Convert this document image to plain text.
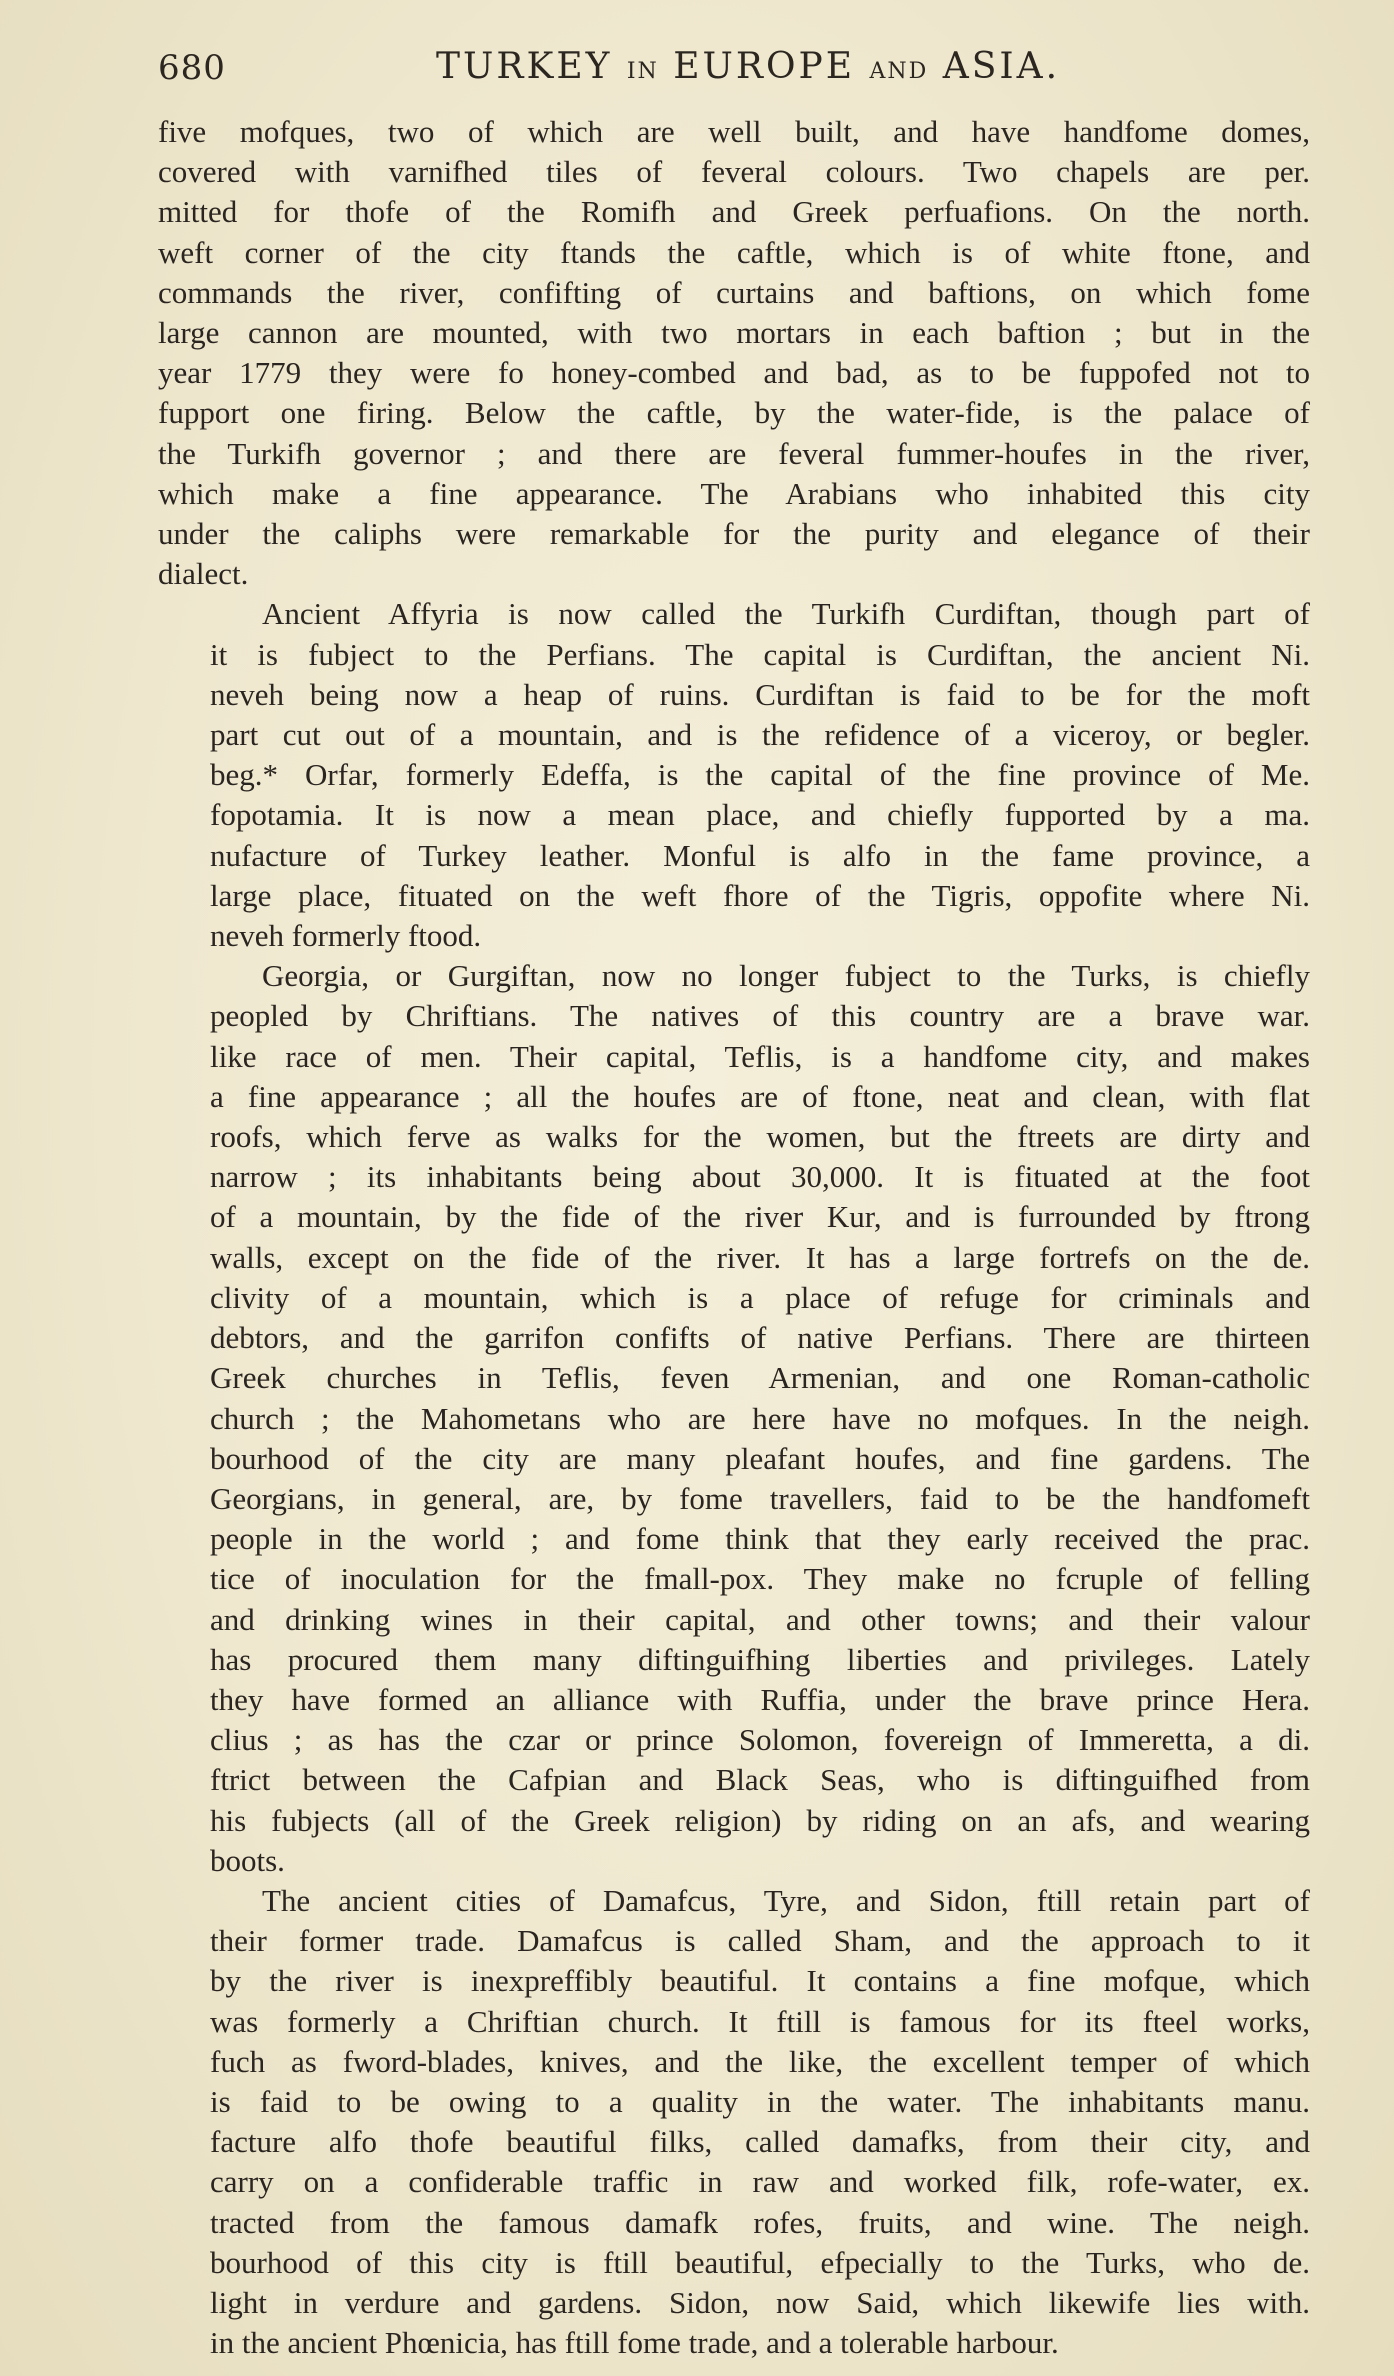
680	TURKEY IN EUROPE AND ASIA.
five mofques, two of which are well built, and have handfome domes,
covered with varnifhed tiles of feveral colours. Two chapels are per.
mitted for thofe of the Romifh and Greek perfuafions. On the north.
weft corner of the city ftands the caftle, which is of white ftone, and
commands the river, confifting of curtains and baftions, on which fome
large cannon are mounted, with two mortars in each baftion ; but in the
year 1779 they were fo honey-combed and bad, as to be fuppofed not to
fupport one firing. Below the caftle, by the water-fide, is the palace of
the Turkifh governor ; and there are feveral fummer-houfes in the river,
which make a fine appearance. The Arabians who inhabited this city
under the caliphs were remarkable for the purity and elegance of their
dialect.
Ancient Affyria is now called the Turkifh Curdiftan, though part of
it is fubject to the Perfians. The capital is Curdiftan, the ancient Ni.
neveh being now a heap of ruins. Curdiftan is faid to be for the moft
part cut out of a mountain, and is the refidence of a viceroy, or begler.
beg.* Orfar, formerly Edeffa, is the capital of the fine province of Me.
fopotamia. It is now a mean place, and chiefly fupported by a ma.
nufacture of Turkey leather. Monful is alfo in the fame province, a
large place, fituated on the weft fhore of the Tigris, oppofite where Ni.
neveh formerly ftood.
Georgia, or Gurgiftan, now no longer fubject to the Turks, is chiefly
peopled by Chriftians. The natives of this country are a brave war.
like race of men. Their capital, Teflis, is a handfome city, and makes
a fine appearance ; all the houfes are of ftone, neat and clean, with flat
roofs, which ferve as walks for the women, but the ftreets are dirty and
narrow ; its inhabitants being about 30,000. It is fituated at the foot
of a mountain, by the fide of the river Kur, and is furrounded by ftrong
walls, except on the fide of the river. It has a large fortrefs on the de.
clivity of a mountain, which is a place of refuge for criminals and
debtors, and the garrifon confifts of native Perfians. There are thirteen
Greek churches in Teflis, feven Armenian, and one Roman-catholic
church ; the Mahometans who are here have no mofques. In the neigh.
bourhood of the city are many pleafant houfes, and fine gardens. The
Georgians, in general, are, by fome travellers, faid to be the handfomeft
people in the world ; and fome think that they early received the prac.
tice of inoculation for the fmall-pox. They make no fcruple of felling
and drinking wines in their capital, and other towns; and their valour
has procured them many diftinguifhing liberties and privileges. Lately
they have formed an alliance with Ruffia, under the brave prince Hera.
clius ; as has the czar or prince Solomon, fovereign of Immeretta, a di.
ftrict between the Cafpian and Black Seas, who is diftinguifhed from
his fubjects (all of the Greek religion) by riding on an afs, and wearing
boots.
The ancient cities of Damafcus, Tyre, and Sidon, ftill retain part of
their former trade. Damafcus is called Sham, and the approach to it
by the river is inexpreffibly beautiful. It contains a fine mofque, which
was formerly a Chriftian church. It ftill is famous for its fteel works,
fuch as fword-blades, knives, and the like, the excellent temper of which
is faid to be owing to a quality in the water. The inhabitants manu.
facture alfo thofe beautiful filks, called damafks, from their city, and
carry on a confiderable traffic in raw and worked filk, rofe-water, ex.
tracted from the famous damafk rofes, fruits, and wine. The neigh.
bourhood of this city is ftill beautiful, efpecially to the Turks, who de.
light in verdure and gardens. Sidon, now Said, which likewife lies with.
in the ancient Phœnicia, has ftill fome trade, and a tolerable harbour.
